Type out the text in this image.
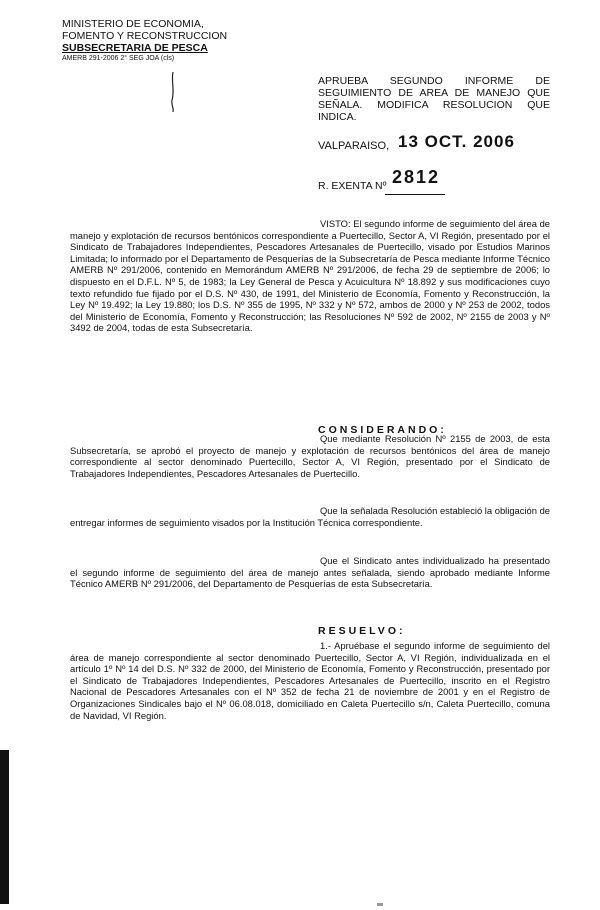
MINISTERIO DE ECONOMIA,
FOMENTO Y RECONSTRUCCION
SUBSECRETARIA DE PESCA
AMERB 291-2006 2° SEG JOA (cls)
APRUEBA SEGUNDO INFORME DE SEGUIMIENTO DE AREA DE MANEJO QUE SEÑALA. MODIFICA RESOLUCION QUE INDICA.
VALPARAISO, 13 OCT. 2006
R. EXENTA Nº 2812
VISTO: El segundo informe de seguimiento del área de manejo y explotación de recursos bentónicos correspondiente a Puertecillo, Sector A, VI Región, presentado por el Sindicato de Trabajadores Independientes, Pescadores Artesanales de Puertecillo, visado por Estudios Marinos Limitada; lo informado por el Departamento de Pesquerías de la Subsecretaría de Pesca mediante Informe Técnico AMERB Nº 291/2006, contenido en Memorándum AMERB Nº 291/2006, de fecha 29 de septiembre de 2006; lo dispuesto en el D.F.L. Nº 5, de 1983; la Ley General de Pesca y Acuicultura Nº 18.892 y sus modificaciones cuyo texto refundido fue fijado por el D.S. Nº 430, de 1991, del Ministerio de Economía, Fomento y Reconstrucción, la Ley Nº 19.492; la Ley 19.880; los D.S. Nº 355 de 1995, Nº 332 y Nº 572, ambos de 2000 y Nº 253 de 2002, todos del Ministerio de Economía, Fomento y Reconstrucción; las Resoluciones Nº 592 de 2002, Nº 2155 de 2003 y Nº 3492 de 2004, todas de esta Subsecretaría.
CONSIDERANDO:
Que mediante Resolución Nº 2155 de 2003, de esta Subsecretaría, se aprobó el proyecto de manejo y explotación de recursos bentónicos del área de manejo correspondiente al sector denominado Puertecillo, Sector A, VI Región, presentado por el Sindicato de Trabajadores Independientes, Pescadores Artesanales de Puertecillo.
Que la señalada Resolución estableció la obligación de entregar informes de seguimiento visados por la Institución Técnica correspondiente.
Que el Sindicato antes individualizado ha presentado el segundo informe de seguimiento del área de manejo antes señalada, siendo aprobado mediante Informe Técnico AMERB Nº 291/2006, del Departamento de Pesquerías de esta Subsecretaría.
RESUELVO:
1.- Apruébase el segundo informe de seguimiento del área de manejo correspondiente al sector denominado Puertecillo, Sector A, VI Región, individualizada en el artículo 1º Nº 14 del D.S. Nº 332 de 2000, del Ministerio de Economía, Fomento y Reconstrucción, presentado por el Sindicato de Trabajadores Independientes, Pescadores Artesanales de Puertecillo, inscrito en el Registro Nacional de Pescadores Artesanales con el Nº 352 de fecha 21 de noviembre de 2001 y en el Registro de Organizaciones Sindicales bajo el Nº 06.08.018, domiciliado en Caleta Puertecillo s/n, Caleta Puertecillo, comuna de Navidad, VI Región.
